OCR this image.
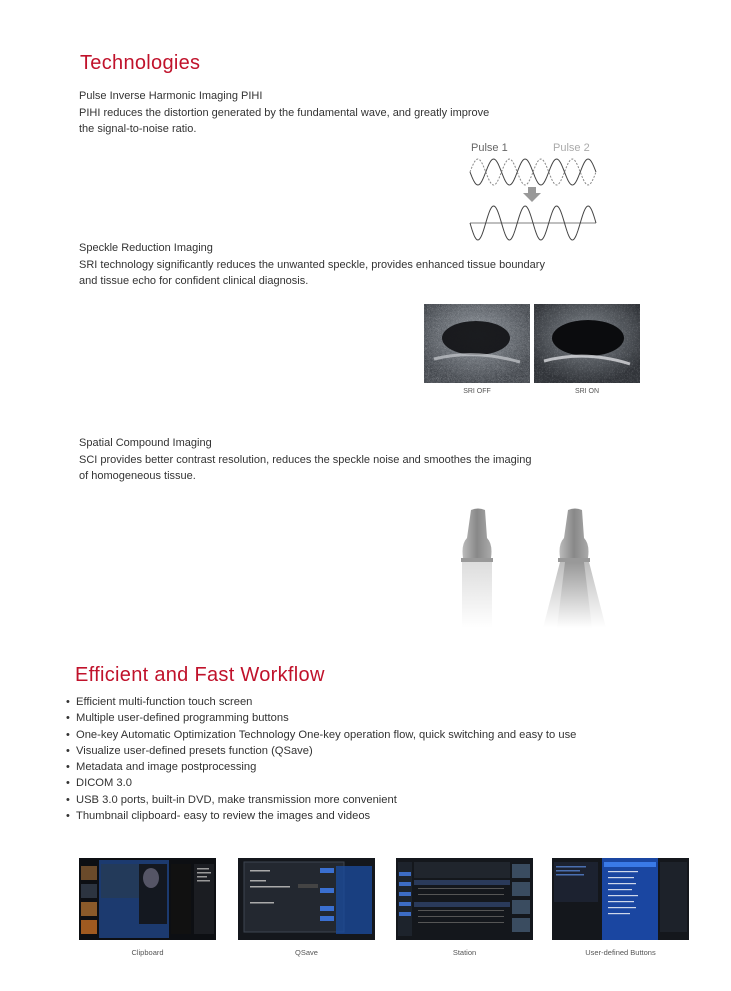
Technologies
Pulse Inverse Harmonic Imaging PIHI
PIHI reduces the distortion generated by the fundamental wave, and greatly improve
the signal-to-noise ratio.
Pulse 1	Pulse 2
Speckle Reduction Imaging
SRI technology significantly reduces the unwanted speckle, provides enhanced tissue boundary
and tissue echo for confident clinical diagnosis.
SRI OFF	SRI ON
Spatial Compound Imaging
SCI provides better contrast resolution, reduces the speckle noise and smoothes the imaging
of homogeneous tissue.
Efficient and Fast Workflow
• Efficient multi-function touch screen
• Multiple user-defined programming buttons
• One-key Automatic Optimization Technology One-key operation flow, quick switching and easy to use
• Visualize user-defined presets function (QSave)
• Metadata and image postprocessing
• DICOM 3.0
• USB 3.0 ports, built-in DVD, make transmission more convenient
• Thumbnail clipboard- easy to review the images and videos
Clipboard	QSave	Station	User-defined Buttons
